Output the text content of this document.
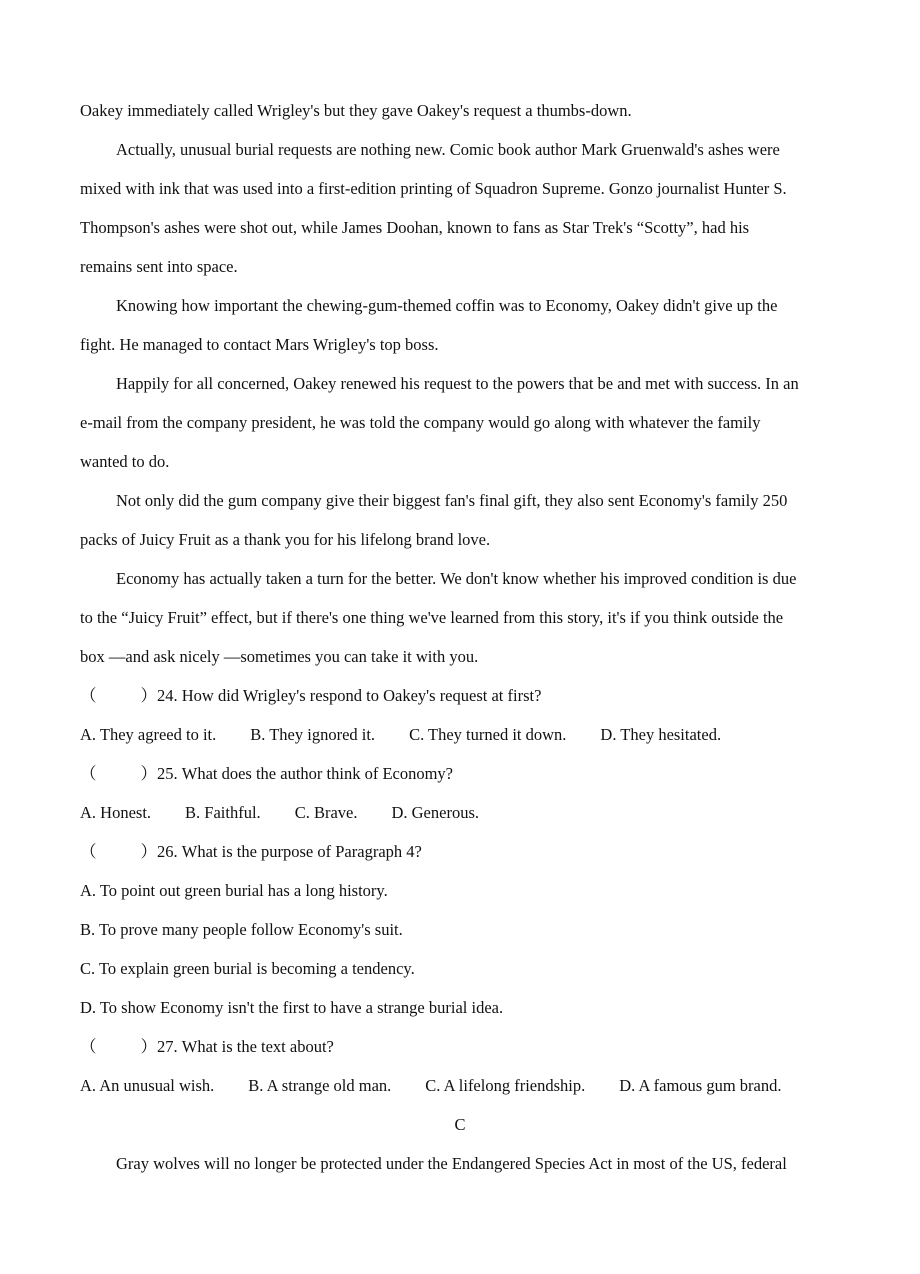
Oakey immediately called Wrigley's but they gave Oakey's request a thumbs-down.
Actually, unusual burial requests are nothing new. Comic book author Mark Gruenwald's ashes were
mixed with ink that was used into a first-edition printing of Squadron Supreme. Gonzo journalist Hunter S.
Thompson's ashes were shot out, while James Doohan, known to fans as Star Trek's “Scotty”, had his
remains sent into space.
Knowing how important the chewing-gum-themed coffin was to Economy, Oakey didn't give up the
fight. He managed to contact Mars Wrigley's top boss.
Happily for all concerned, Oakey renewed his request to the powers that be and met with success. In an
e-mail from the company president, he was told the company would go along with whatever the family
wanted to do.
Not only did the gum company give their biggest fan's final gift, they also sent Economy's family 250
packs of Juicy Fruit as a thank you for his lifelong brand love.
Economy has actually taken a turn for the better. We don't know whether his improved condition is due
to the “Juicy Fruit” effect, but if there's one thing we've learned from this story, it's if you think outside the
box —and ask nicely —sometimes you can take it with you.
（	）24. How did Wrigley's respond to Oakey's request at first?
A. They agreed to it. B. They ignored it. C. They turned it down. D. They hesitated.
（	）25. What does the author think of Economy?
A. Honest. B. Faithful. C. Brave. D. Generous.
（	）26. What is the purpose of Paragraph 4?
A. To point out green burial has a long history.
B. To prove many people follow Economy's suit.
C. To explain green burial is becoming a tendency.
D. To show Economy isn't the first to have a strange burial idea.
（	）27. What is the text about?
A. An unusual wish. B. A strange old man. C. A lifelong friendship. D. A famous gum brand.
C
Gray wolves will no longer be protected under the Endangered Species Act in most of the US, federal
